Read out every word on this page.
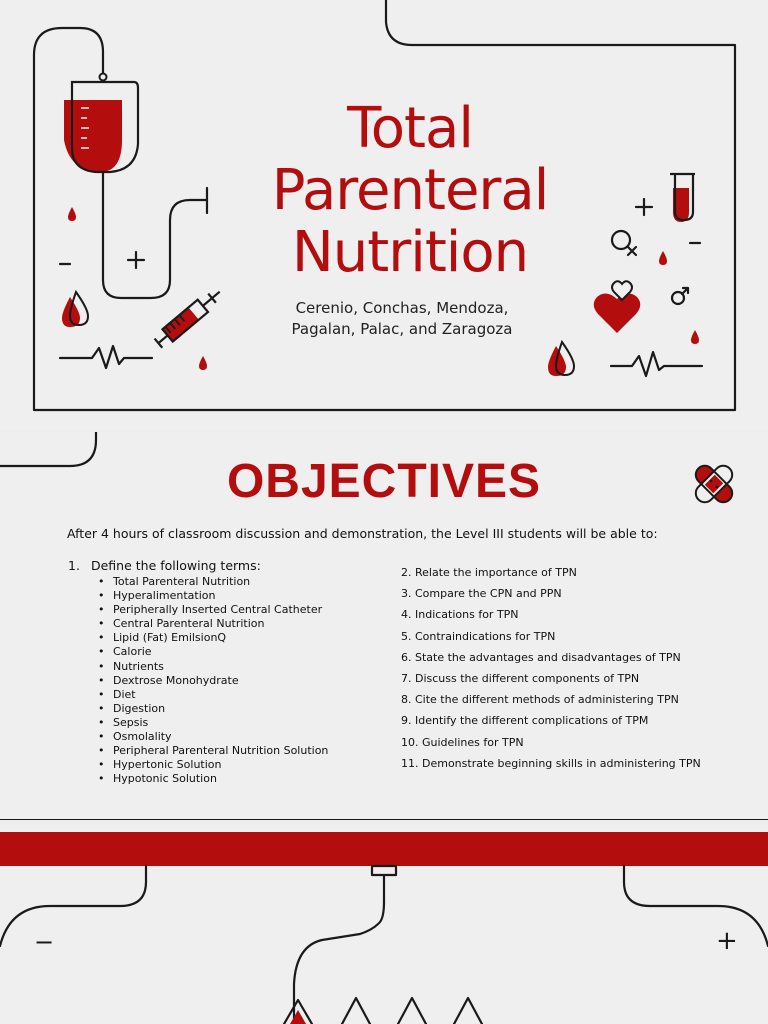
Total
Parenteral
Nutrition
Cerenio, Conchas, Mendoza,
Pagalan, Palac, and Zaragoza
OBJECTIVES
After 4 hours of classroom discussion and demonstration, the Level III students will be able to:
1. Define the following terms:
• Total Parenteral Nutrition
• Hyperalimentation
• Peripherally Inserted Central Catheter
• Central Parenteral Nutrition
• Lipid (Fat) EmilsionQ
• Calorie
• Nutrients
• Dextrose Monohydrate
• Diet
• Digestion
• Sepsis
• Osmolality
• Peripheral Parenteral Nutrition Solution
• Hypertonic Solution
• Hypotonic Solution
2. Relate the importance of TPN
3. Compare the CPN and PPN
4. Indications for TPN
5. Contraindications for TPN
6. State the advantages and disadvantages of TPN
7. Discuss the different components of TPN
8. Cite the different methods of administering TPN
9. Identify the different complications of TPM
10. Guidelines for TPN
11. Demonstrate beginning skills in administering TPN
−	+
